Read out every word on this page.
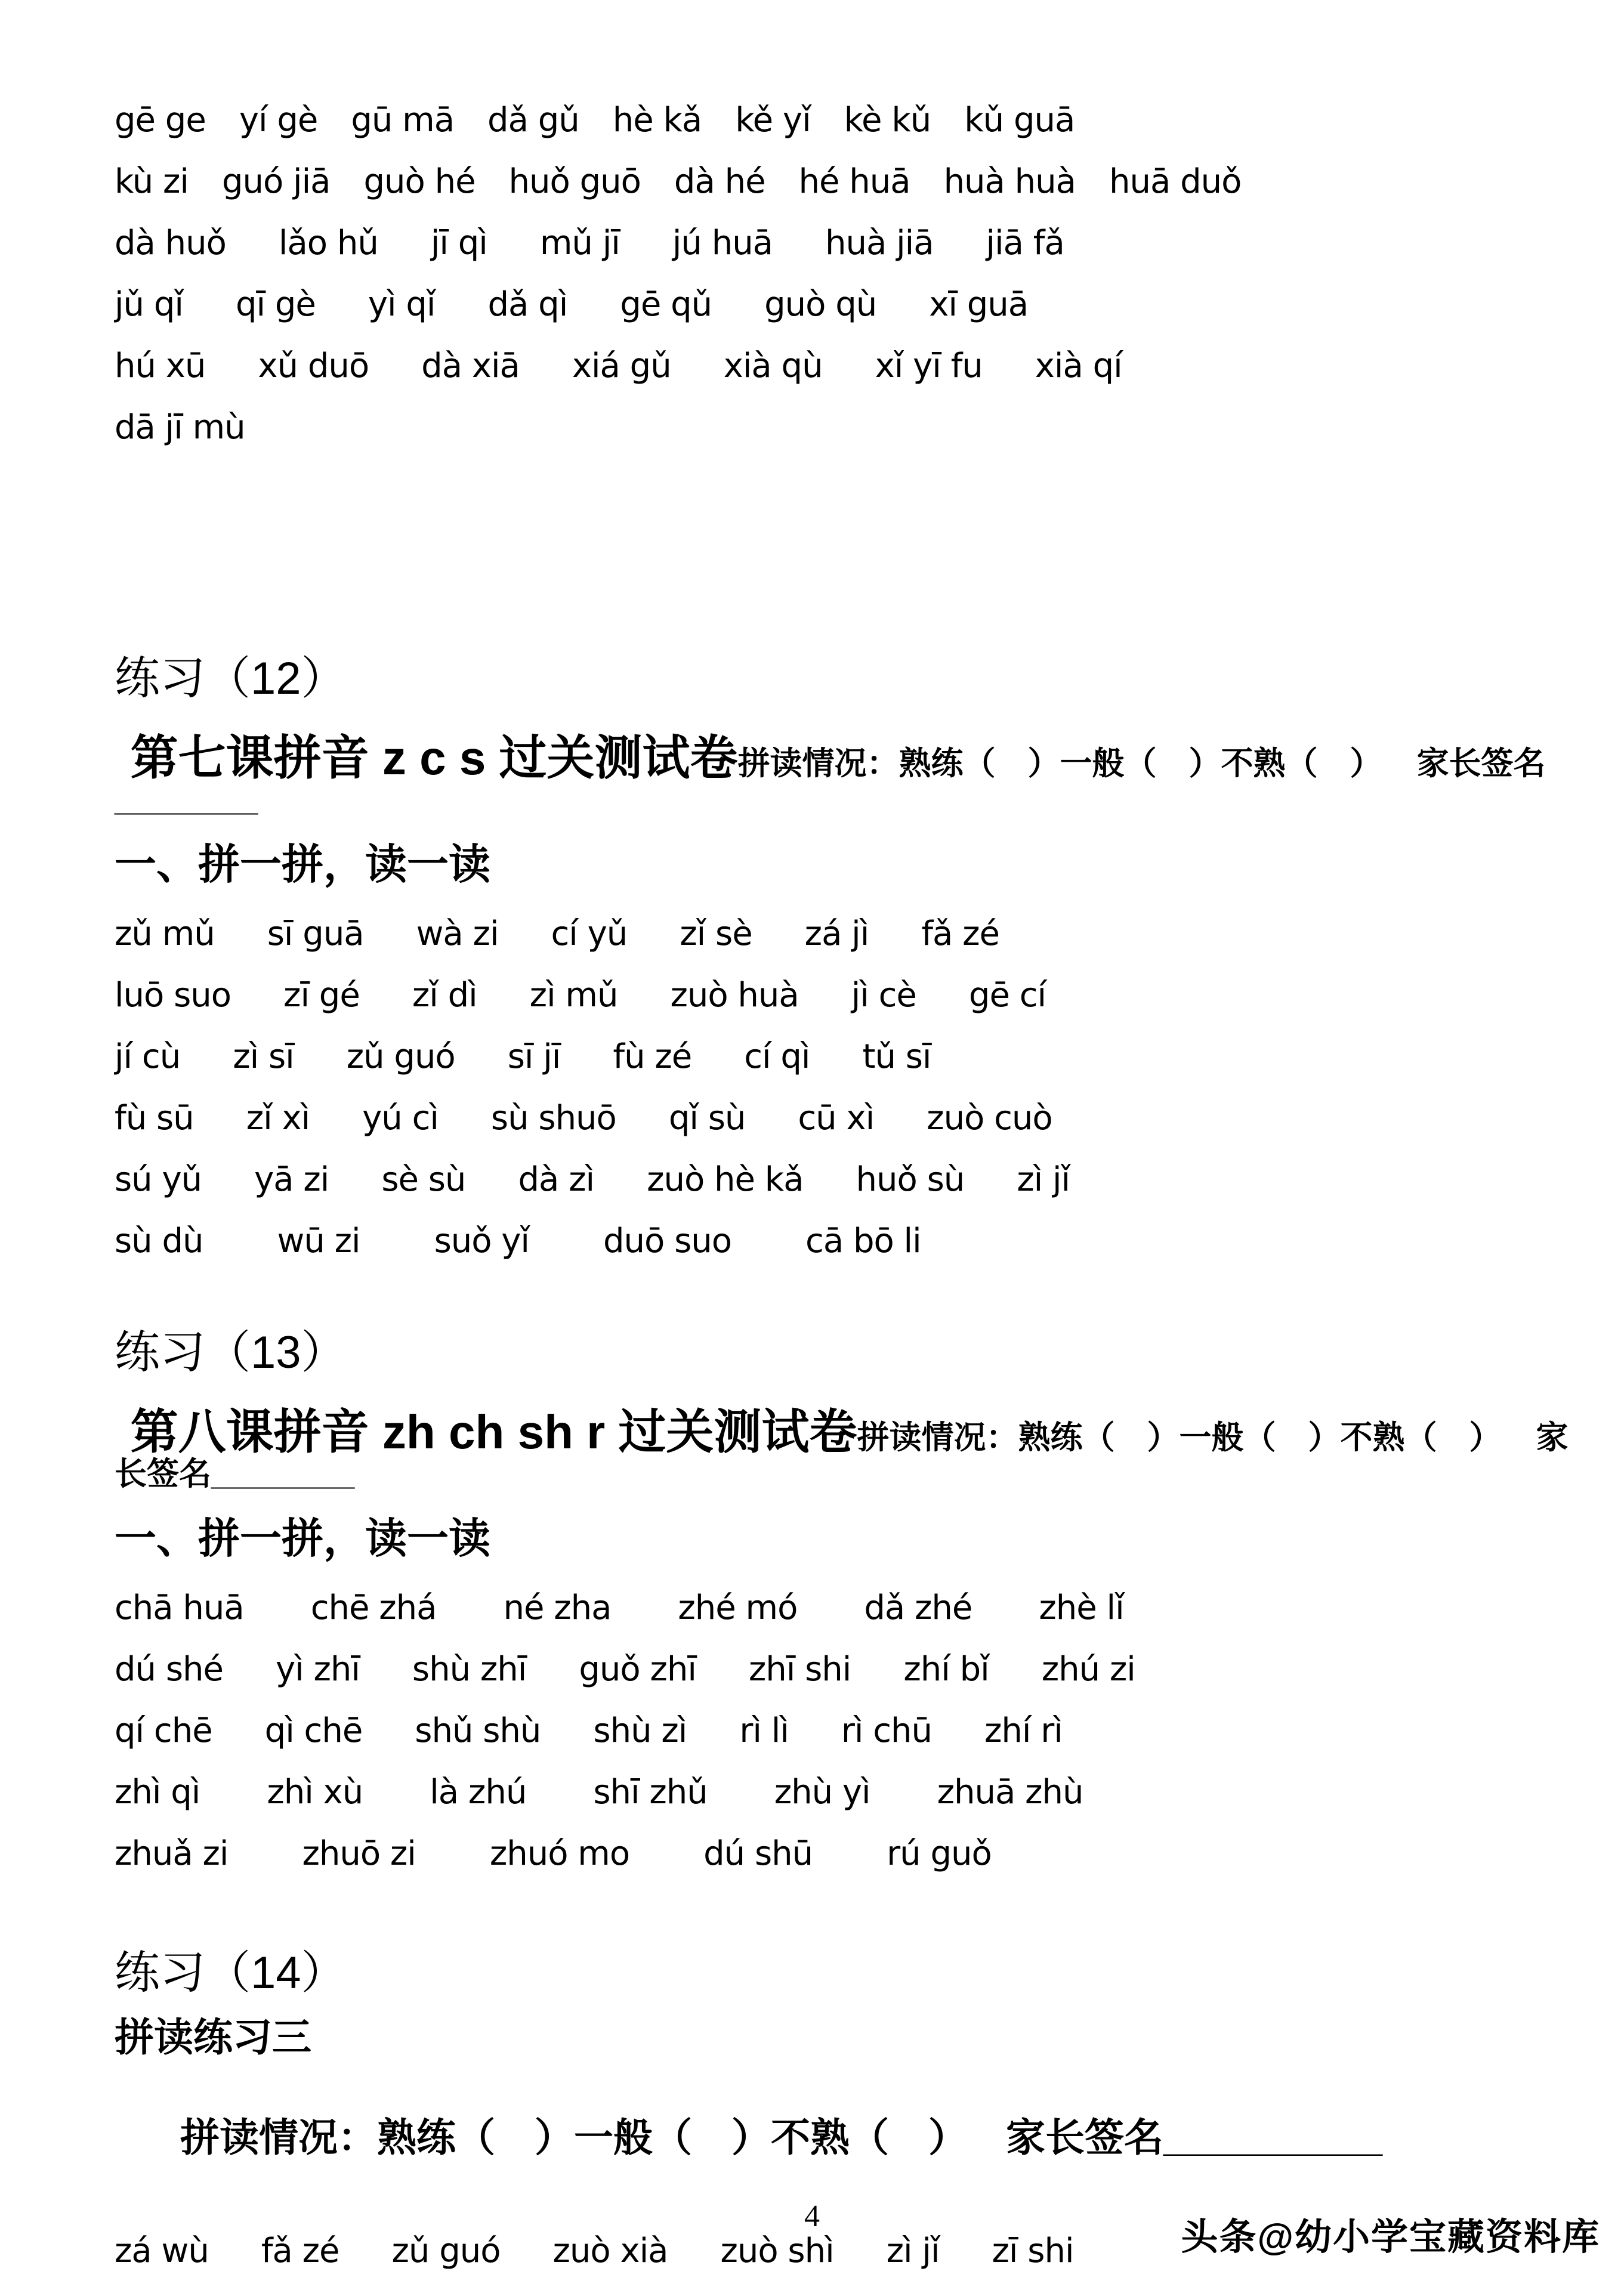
gē ge yí gè gū mā dǎ gǔ hè kǎ kě yǐ kè kǔ kǔ guā
kù zi guó jiā guò hé huǒ guō dà hé hé huā huà huà huā duǒ
dà huǒ lǎo hǔ jī qì mǔ jī jú huā huà jiā jiā fǎ
jǔ qǐ qī gè yì qǐ dǎ qì gē qǔ guò qù xī guā
hú xū xǔ duō dà xiā xiá gǔ xià qù xǐ yī fu xià qí
dā jī mù
练习（12）

第七课拼音 z c s 过关测试卷拼读情况：熟练（　）一般（　）不熟（　） 家长签名________

一、拼一拼，读一读
zǔ mǔ sī guā wà zi cí yǔ zǐ sè zá jì fǎ zé
luō suo zī gé zǐ dì zì mǔ zuò huà jì cè gē cí
jí cù zì sī zǔ guó sī jī fù zé cí qì tǔ sī
fù sū zǐ xì yú cì sù shuō qǐ sù cū xì zuò cuò
sú yǔ yā zi sè sù dà zì zuò hè kǎ huǒ sù zì jǐ
sù dù wū zi suǒ yǐ duō suo cā bō li
练习（13）

第八课拼音 zh ch sh r 过关测试卷拼读情况：熟练（　）一般（　）不熟（　） 家长签名________

一、拼一拼，读一读
chā huā chē zhá né zha zhé mó dǎ zhé zhè lǐ
dú shé yì zhī shù zhī guǒ zhī zhī shi zhí bǐ zhú zi
qí chē qì chē shǔ shù shù zì rì lì rì chū zhí rì
zhì qì zhì xù là zhú shī zhǔ zhù yì zhuā zhù
zhuǎ zi zhuō zi zhuó mo dú shū rú guǒ
练习（14）
拼读练习三

拼读情况：熟练（　）一般（　）不熟（　） 家长签名__________

zá wù fǎ zé zǔ guó zuò xià zuò shì zì jǐ zī shi
4
头条@幼小学宝藏资料库
